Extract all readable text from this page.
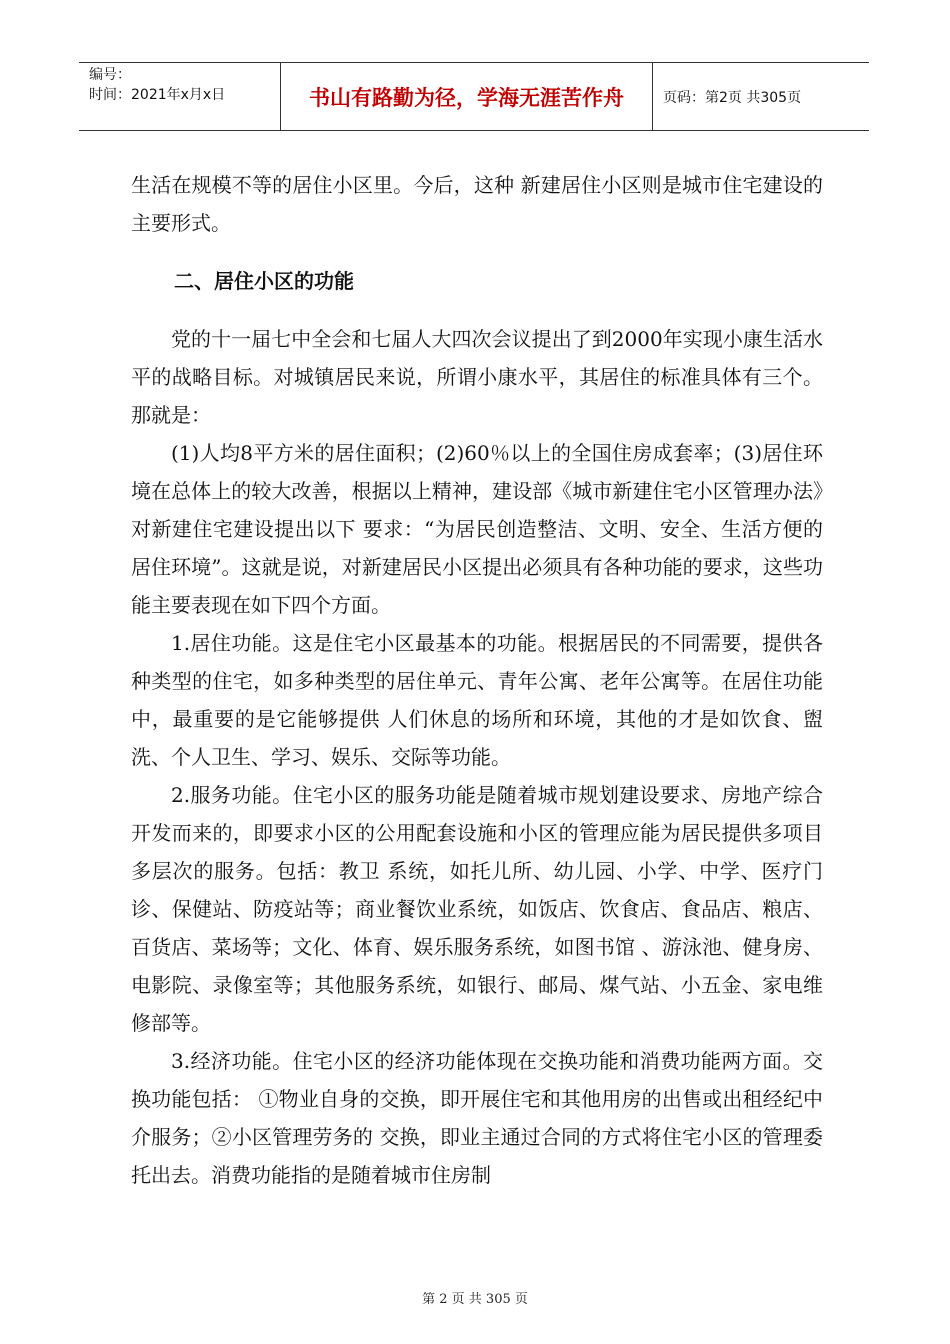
编号：
时间：2021年x月x日	书山有路勤为径，学海无涯苦作舟	页码：第2页 共305页

生活在规模不等的居住小区里。今后，这种 新建居住小区则是城市住宅建设的主要形式。

二、居住小区的功能

党的十一届七中全会和七届人大四次会议提出了到2000年实现小康生活水平的战略目标。对城镇居民来说，所谓小康水平，其居住的标准具体有三个。那就是：

(1)人均8平方米的居住面积；(2)60％以上的全国住房成套率；(3)居住环境在总体上的较大改善，根据以上精神，建设部《城市新建住宅小区管理办法》对新建住宅建设提出以下 要求：“为居民创造整洁、文明、安全、生活方便的居住环境”。这就是说，对新建居民小区提出必须具有各种功能的要求，这些功能主要表现在如下四个方面。

1.居住功能。这是住宅小区最基本的功能。根据居民的不同需要，提供各种类型的住宅，如多种类型的居住单元、青年公寓、老年公寓等。在居住功能中，最重要的是它能够提供 人们休息的场所和环境，其他的才是如饮食、盥洗、个人卫生、学习、娱乐、交际等功能。

2.服务功能。住宅小区的服务功能是随着城市规划建设要求、房地产综合开发而来的，即要求小区的公用配套设施和小区的管理应能为居民提供多项目多层次的服务。包括：教卫 系统，如托儿所、幼儿园、小学、中学、医疗门诊、保健站、防疫站等；商业餐饮业系统，如饭店、饮食店、食品店、粮店、百货店、菜场等；文化、体育、娱乐服务系统，如图书馆 、游泳池、健身房、电影院、录像室等；其他服务系统，如银行、邮局、煤气站、小五金、家电维修部等。

3.经济功能。住宅小区的经济功能体现在交换功能和消费功能两方面。交换功能包括： ①物业自身的交换，即开展住宅和其他用房的出售或出租经纪中介服务；②小区管理劳务的 交换，即业主通过合同的方式将住宅小区的管理委托出去。消费功能指的是随着城市住房制

第 2 页 共 305 页
